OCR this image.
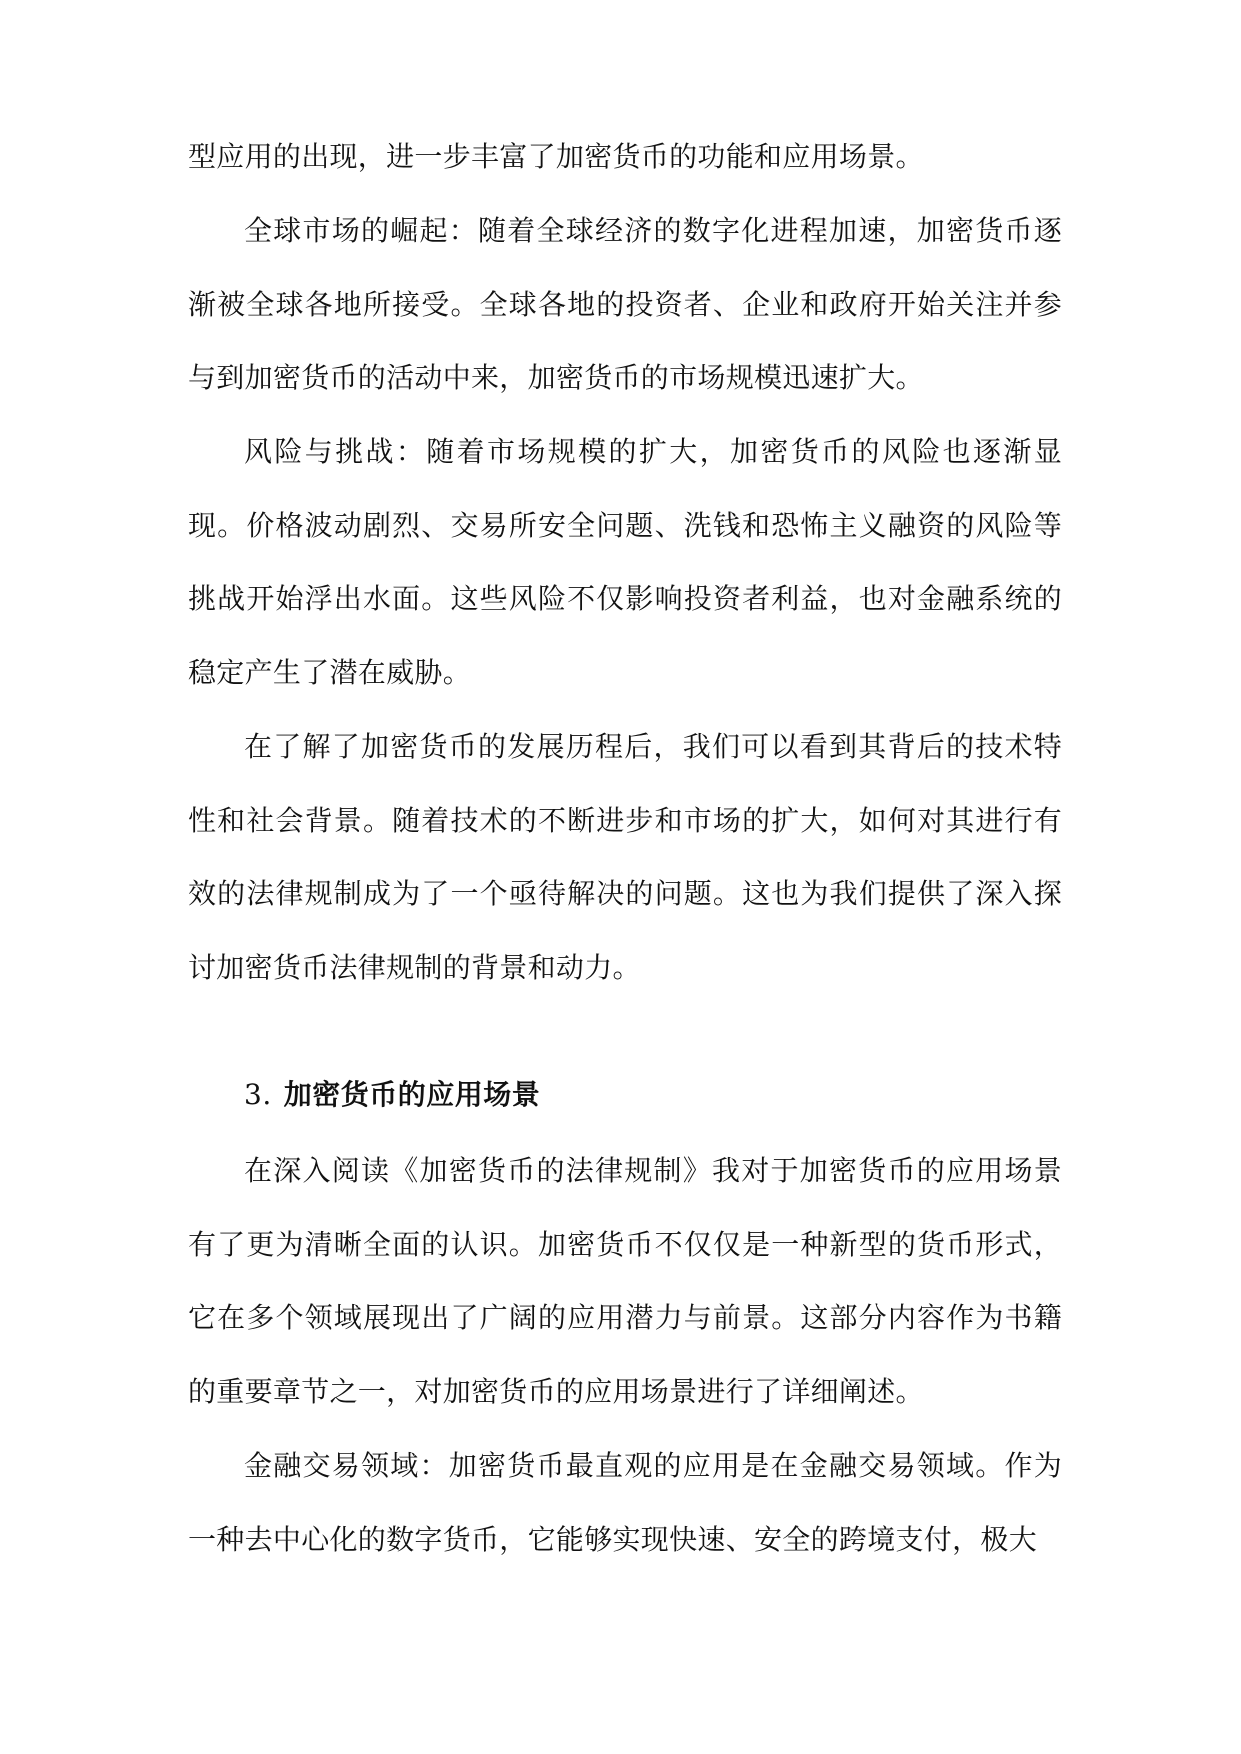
型应用的出现，进一步丰富了加密货币的功能和应用场景。

全球市场的崛起：随着全球经济的数字化进程加速，加密货币逐渐被全球各地所接受。全球各地的投资者、企业和政府开始关注并参与到加密货币的活动中来，加密货币的市场规模迅速扩大。

风险与挑战：随着市场规模的扩大，加密货币的风险也逐渐显现。价格波动剧烈、交易所安全问题、洗钱和恐怖主义融资的风险等挑战开始浮出水面。这些风险不仅影响投资者利益，也对金融系统的稳定产生了潜在威胁。

在了解了加密货币的发展历程后，我们可以看到其背后的技术特性和社会背景。随着技术的不断进步和市场的扩大，如何对其进行有效的法律规制成为了一个亟待解决的问题。这也为我们提供了深入探讨加密货币法律规制的背景和动力。

3. 加密货币的应用场景

在深入阅读《加密货币的法律规制》我对于加密货币的应用场景有了更为清晰全面的认识。加密货币不仅仅是一种新型的货币形式，它在多个领域展现出了广阔的应用潜力与前景。这部分内容作为书籍的重要章节之一，对加密货币的应用场景进行了详细阐述。

金融交易领域：加密货币最直观的应用是在金融交易领域。作为一种去中心化的数字货币，它能够实现快速、安全的跨境支付，极大
